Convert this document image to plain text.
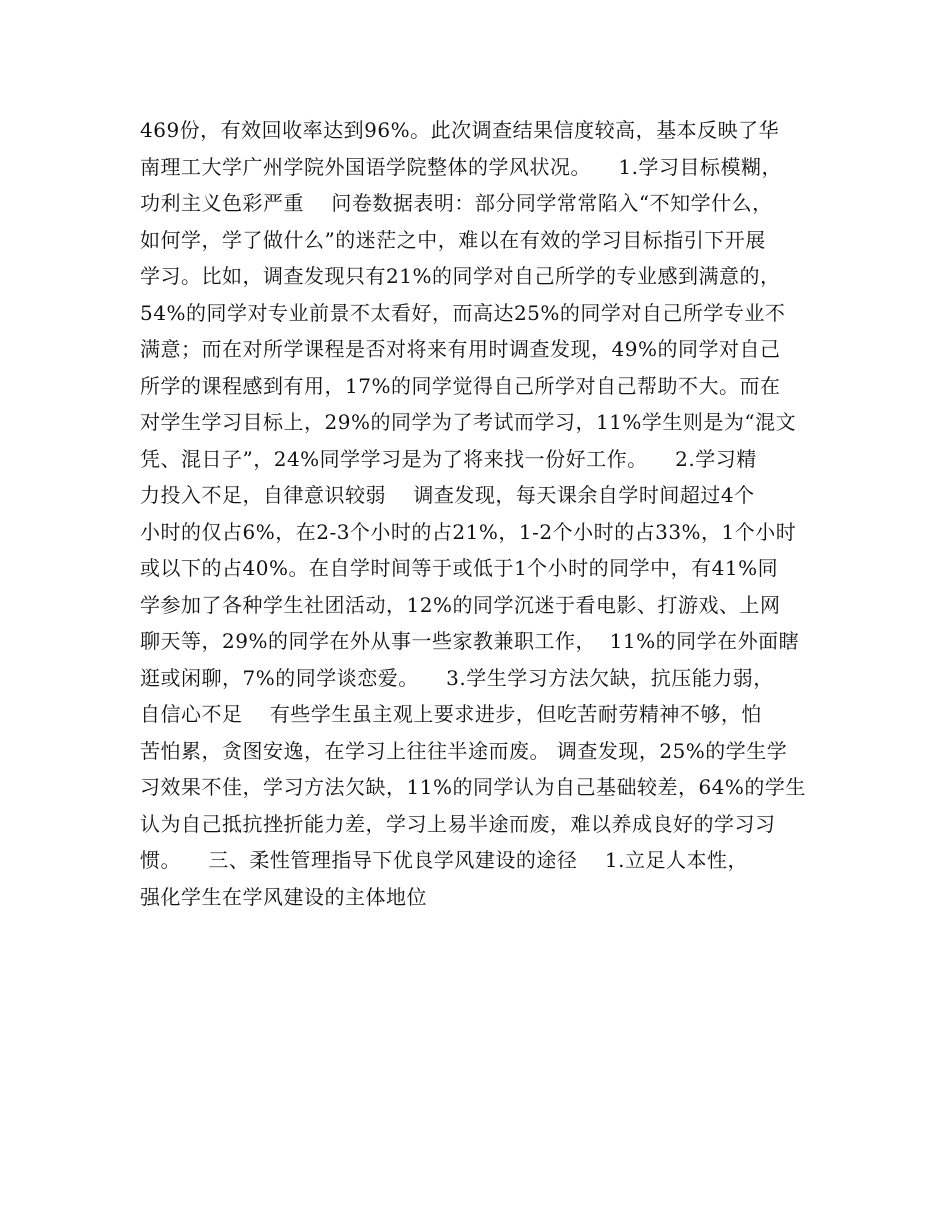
469份，有效回收率达到96%。此次调查结果信度较高，基本反映了华
南理工大学广州学院外国语学院整体的学风状况。    1.学习目标模糊，
功利主义色彩严重    问卷数据表明：部分同学常常陷入“不知学什么，
如何学，学了做什么”的迷茫之中，难以在有效的学习目标指引下开展
学习。比如，调查发现只有21%的同学对自己所学的专业感到满意的，
54%的同学对专业前景不太看好，而高达25%的同学对自己所学专业不
满意；而在对所学课程是否对将来有用时调查发现，49%的同学对自己
所学的课程感到有用，17%的同学觉得自己所学对自己帮助不大。而在
对学生学习目标上，29%的同学为了考试而学习，11%学生则是为“混文
凭、混日子”，24%同学学习是为了将来找一份好工作。    2.学习精
力投入不足，自律意识较弱    调查发现，每天课余自学时间超过4个
小时的仅占6%，在2-3个小时的占21%，1-2个小时的占33%，1个小时
或以下的占40%。在自学时间等于或低于1个小时的同学中，有41%同
学参加了各种学生社团活动，12%的同学沉迷于看电影、打游戏、上网
聊天等，29%的同学在外从事一些家教兼职工作，  11%的同学在外面瞎
逛或闲聊，7%的同学谈恋爱。    3.学生学习方法欠缺，抗压能力弱，
自信心不足    有些学生虽主观上要求进步，但吃苦耐劳精神不够，怕
苦怕累，贪图安逸，在学习上往往半途而废。 调查发现，25%的学生学
习效果不佳，学习方法欠缺，11%的同学认为自己基础较差，64%的学生
认为自己抵抗挫折能力差，学习上易半途而废，难以养成良好的学习习
惯。    三、柔性管理指导下优良学风建设的途径    1.立足人本性，
强化学生在学风建设的主体地位
